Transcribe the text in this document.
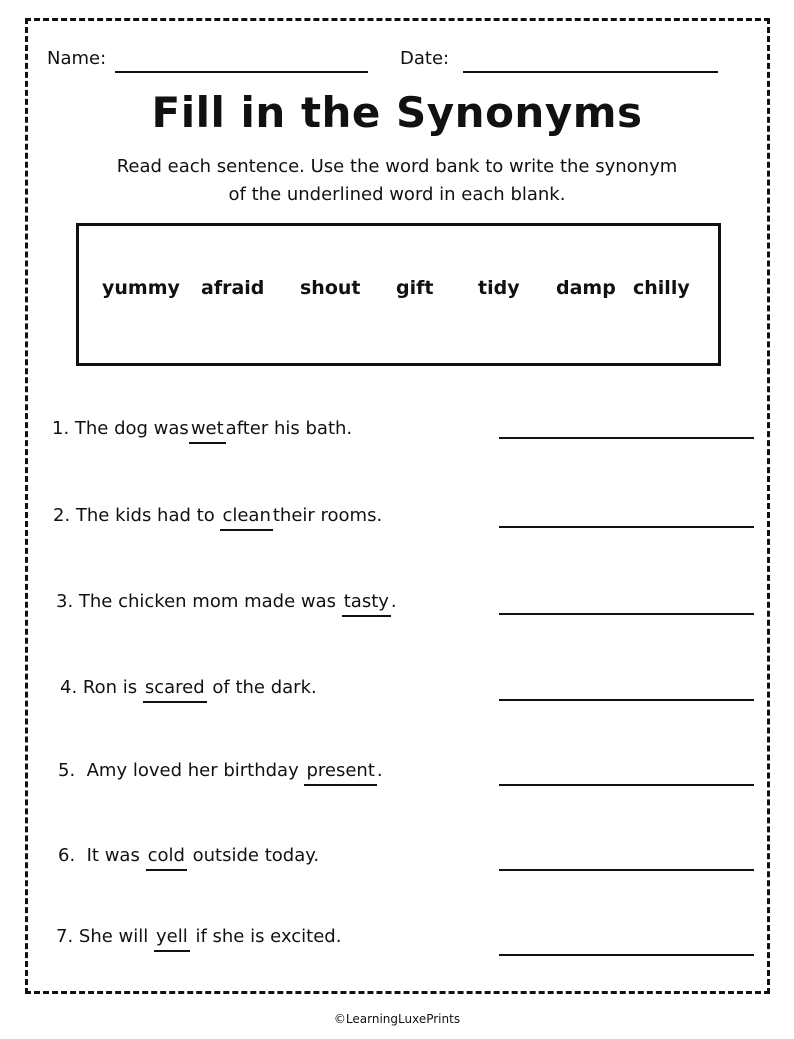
Name:	Date:
Fill in the Synonyms
Read each sentence. Use the word bank to write the synonym
of the underlined word in each blank.
yummy afraid shout gift tidy damp chilly
1. The dog was wet after his bath.
2. The kids had to clean their rooms.
3. The chicken mom made was tasty .
4. Ron is scared of the dark.
5.  Amy loved her birthday present .
6.  It was cold outside today.
7. She will yell if she is excited.
©LearningLuxePrints
